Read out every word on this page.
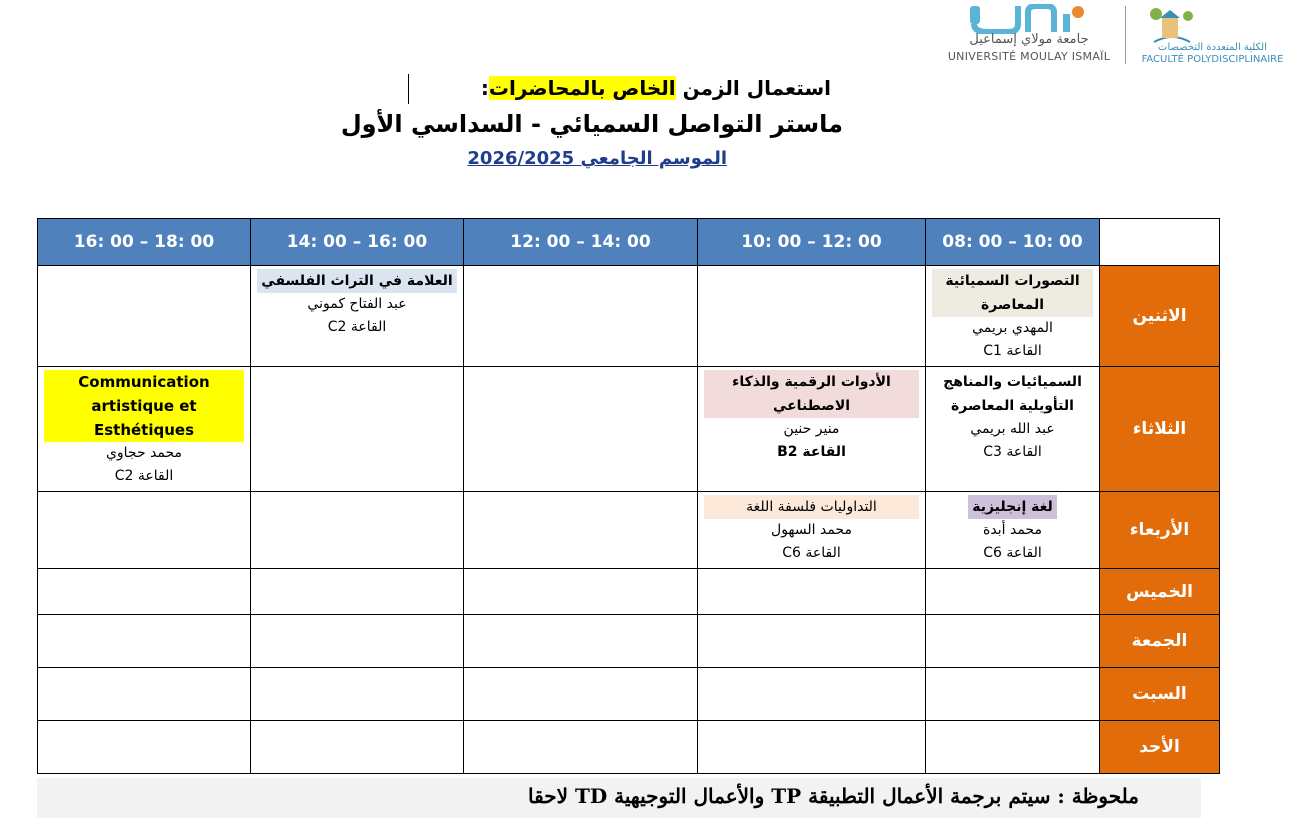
جامعة مولاي إسماعيل
UNIVERSITÉ MOULAY ISMAÏL
الكلية المتعددة التخصصات
FACULTÉ POLYDISCIPLINAIRE
استعمال الزمن الخاص بالمحاضرات:
ماستر التواصل السميائي - السداسي الأول
الموسم الجامعي 2026/2025
16: 00 – 18: 00	14: 00 – 16: 00	12: 00 – 14: 00	10: 00 – 12: 00	08: 00 – 10: 00	

	العلامة في التراث الفلسفي
عبد الفتاح كموني
القاعة C2			التصورات السميائية المعاصرة
المهدي بريمي
القاعة C1	الاثنين

Communication artistique et Esthétiques
محمد حجاوي
القاعة C2			الأدوات الرقمية والذكاء الاصطناعي
منير حنين
القاعة B2	السميائيات والمناهج التأويلية المعاصرة
عبد الله بريمي
القاعة C3	الثلاثاء

			التداوليات فلسفة اللغة
محمد السهول
القاعة C6	لغة إنجليزية
محمد أبدة
القاعة C6	الأربعاء
					الخميس
					الجمعة
					السبت
					الأحد
ملحوظة : سيتم برجمة الأعمال التطبيقة TP والأعمال التوجيهية TD لاحقا
